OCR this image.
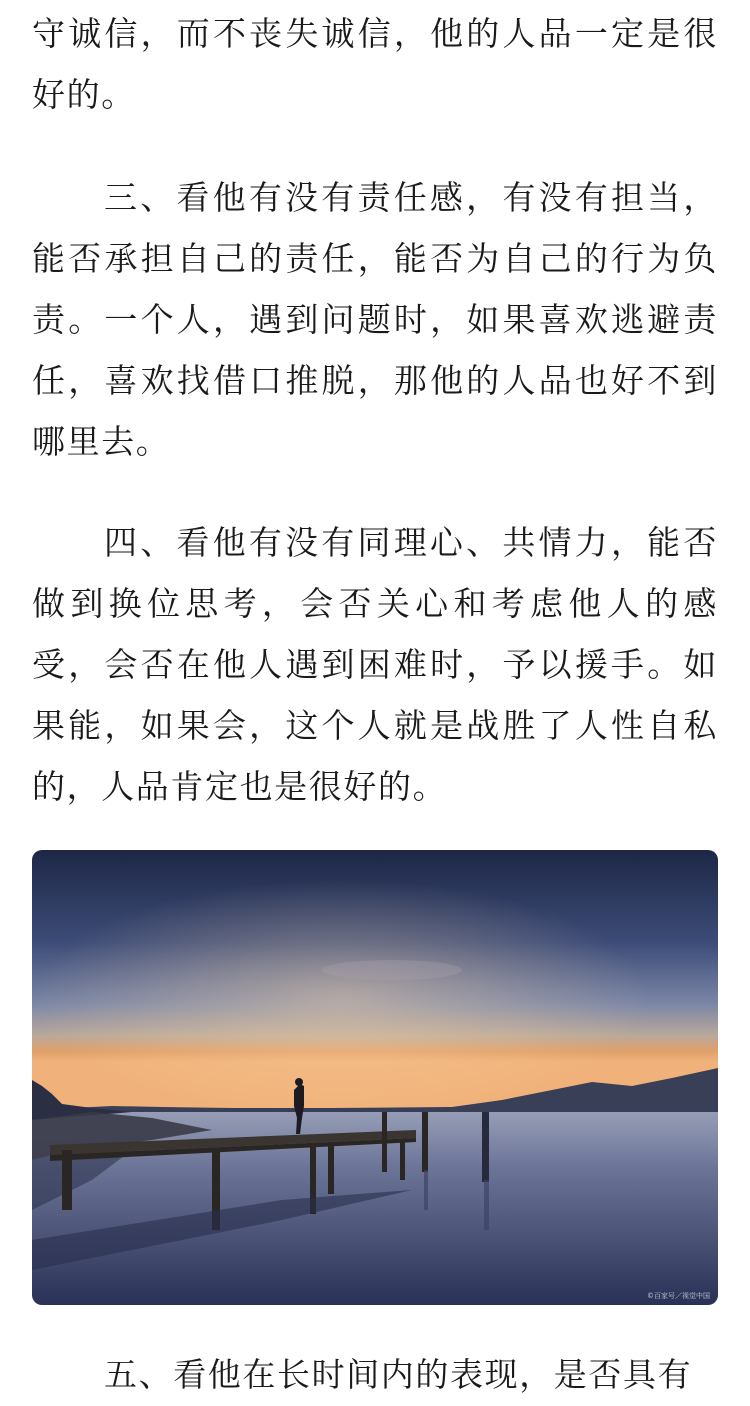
守诚信，而不丧失诚信，他的人品一定是很好的。

三、看他有没有责任感，有没有担当，能否承担自己的责任，能否为自己的行为负责。一个人，遇到问题时，如果喜欢逃避责任，喜欢找借口推脱，那他的人品也好不到哪里去。

四、看他有没有同理心、共情力，能否做到换位思考，会否关心和考虑他人的感受，会否在他人遇到困难时，予以援手。如果能，如果会，这个人就是战胜了人性自私的，人品肯定也是很好的。

五、看他在长时间内的表现，是否具有

©百家号／视觉中国
